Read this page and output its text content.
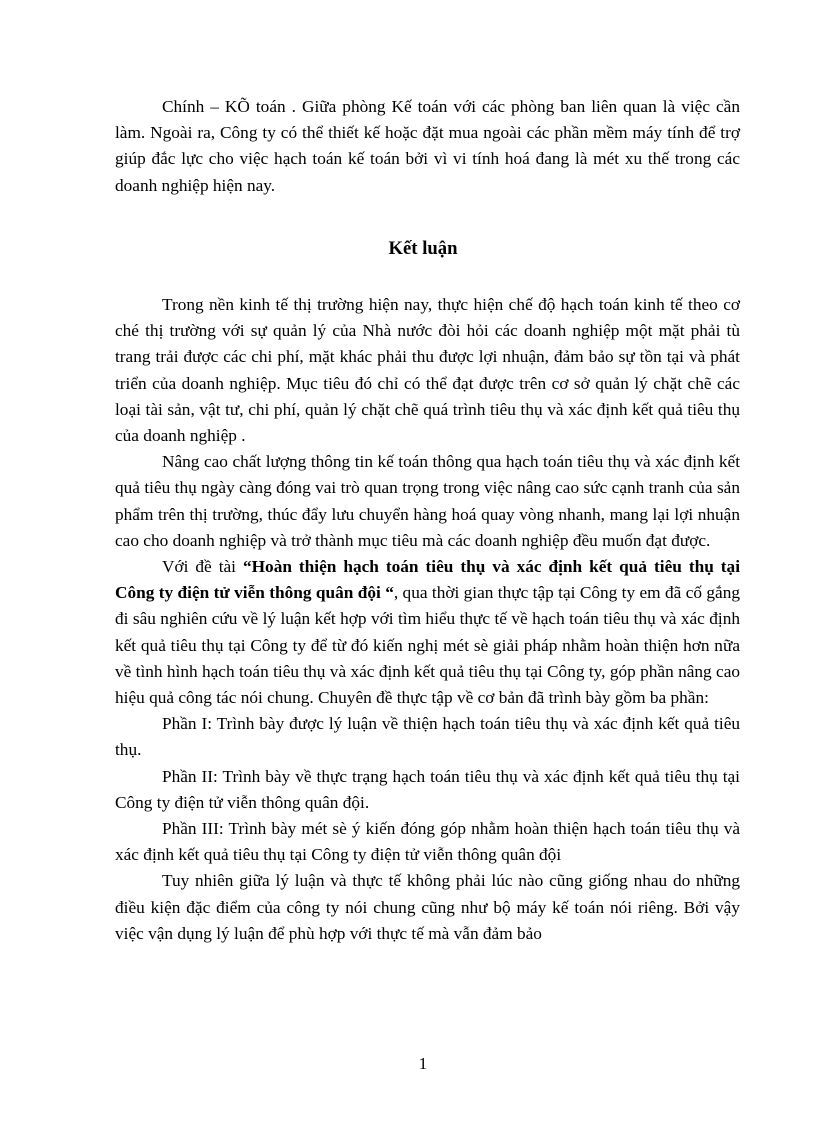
Chính – KÕ toán . Giữa phòng Kế toán với các phòng ban liên quan là việc cần làm. Ngoài ra, Công ty có thể thiết kế hoặc đặt mua ngoài các phần mềm máy tính để trợ giúp đắc lực cho việc hạch toán kế toán bởi vì vi tính hoá đang là mét xu thế trong các doanh nghiệp hiện nay.

Kết luận

Trong nền kinh tế thị trường hiện nay, thực hiện chế độ hạch toán kinh tế theo cơ ché thị trường với sự quản lý của Nhà nước đòi hỏi các doanh nghiệp một mặt phải tù trang trải được các chi phí, mặt khác phải thu được lợi nhuận, đảm bảo sự tồn tại và phát triển của doanh nghiệp. Mục tiêu đó chỉ có thể đạt được trên cơ sở quản lý chặt chẽ các loại tài sản, vật tư, chi phí, quản lý chặt chẽ quá trình tiêu thụ và xác định kết quả tiêu thụ của doanh nghiệp .

Nâng cao chất lượng thông tin kế toán thông qua hạch toán tiêu thụ và xác định kết quả tiêu thụ ngày càng đóng vai trò quan trọng trong việc nâng cao sức cạnh tranh của sản phẩm trên thị trường, thúc đẩy lưu chuyển hàng hoá quay vòng nhanh, mang lại lợi nhuận cao cho doanh nghiệp và trở thành mục tiêu mà các doanh nghiệp đều muốn đạt được.

Với đề tài “Hoàn thiện hạch toán tiêu thụ và xác định kết quả tiêu thụ tại Công ty điện tử viễn thông quân đội “, qua thời gian thực tập tại Công ty em đã cố gắng đi sâu nghiên cứu về lý luận kết hợp với tìm hiểu thực tế về hạch toán tiêu thụ và xác định kết quả tiêu thụ tại Công ty để từ đó kiến nghị mét sè giải pháp nhằm hoàn thiện hơn nữa về tình hình hạch toán tiêu thụ và xác định kết quả tiêu thụ tại Công ty, góp phần nâng cao hiệu quả công tác nói chung. Chuyên đề thực tập về cơ bản đã trình bày gồm ba phần:

Phần I: Trình bày được lý luận về thiện hạch toán tiêu thụ và xác định kết quả tiêu thụ.

Phần II: Trình bày về thực trạng hạch toán tiêu thụ và xác định kết quả tiêu thụ tại Công ty điện tử viễn thông quân đội.

Phần III: Trình bày mét sè ý kiến đóng góp nhằm hoàn thiện hạch toán tiêu thụ và xác định kết quả tiêu thụ tại Công ty điện tử viễn thông quân đội

Tuy nhiên giữa lý luận và thực tế không phải lúc nào cũng giống nhau do những điều kiện đặc điểm của công ty nói chung cũng như bộ máy kế toán nói riêng. Bởi vậy việc vận dụng lý luận để phù hợp với thực tế mà vẫn đảm bảo

1
